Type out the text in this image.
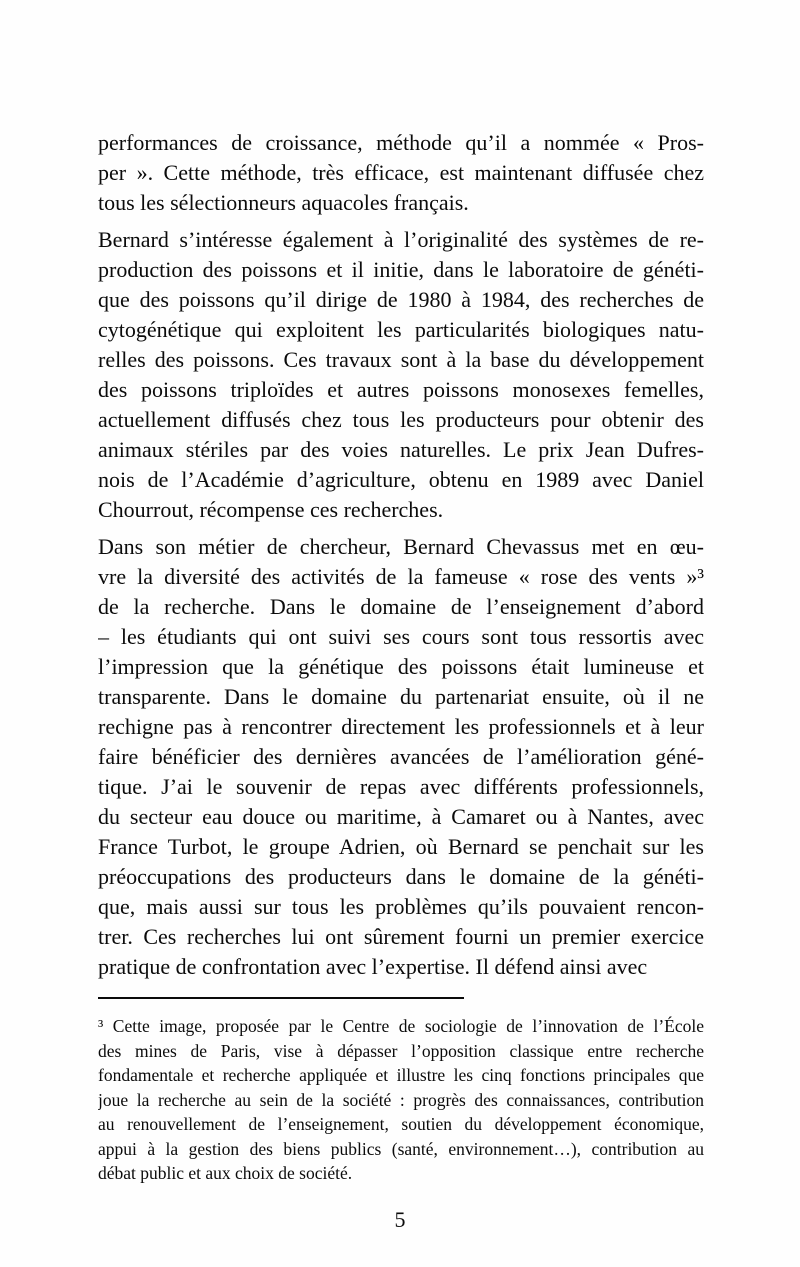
performances de croissance, méthode qu’il a nommée « Pros-
per ». Cette méthode, très efficace, est maintenant diffusée chez
tous les sélectionneurs aquacoles français.
Bernard s’intéresse également à l’originalité des systèmes de re-
production des poissons et il initie, dans le laboratoire de généti-
que des poissons qu’il dirige de 1980 à 1984, des recherches de
cytogénétique qui exploitent les particularités biologiques natu-
relles des poissons. Ces travaux sont à la base du développement
des poissons triploïdes et autres poissons monosexes femelles,
actuellement diffusés chez tous les producteurs pour obtenir des
animaux stériles par des voies naturelles. Le prix Jean Dufres-
nois de l’Académie d’agriculture, obtenu en 1989 avec Daniel
Chourrout, récompense ces recherches.
Dans son métier de chercheur, Bernard Chevassus met en œu-
vre la diversité des activités de la fameuse « rose des vents »³
de la recherche. Dans le domaine de l’enseignement d’abord
– les étudiants qui ont suivi ses cours sont tous ressortis avec
l’impression que la génétique des poissons était lumineuse et
transparente. Dans le domaine du partenariat ensuite, où il ne
rechigne pas à rencontrer directement les professionnels et à leur
faire bénéficier des dernières avancées de l’amélioration géné-
tique. J’ai le souvenir de repas avec différents professionnels,
du secteur eau douce ou maritime, à Camaret ou à Nantes, avec
France Turbot, le groupe Adrien, où Bernard se penchait sur les
préoccupations des producteurs dans le domaine de la généti-
que, mais aussi sur tous les problèmes qu’ils pouvaient rencon-
trer. Ces recherches lui ont sûrement fourni un premier exercice
pratique de confrontation avec l’expertise. Il défend ainsi avec
³ Cette image, proposée par le Centre de sociologie de l’innovation de l’École
des mines de Paris, vise à dépasser l’opposition classique entre recherche
fondamentale et recherche appliquée et illustre les cinq fonctions principales que
joue la recherche au sein de la société : progrès des connaissances, contribution
au renouvellement de l’enseignement, soutien du développement économique,
appui à la gestion des biens publics (santé, environnement…), contribution au
débat public et aux choix de société.
5
